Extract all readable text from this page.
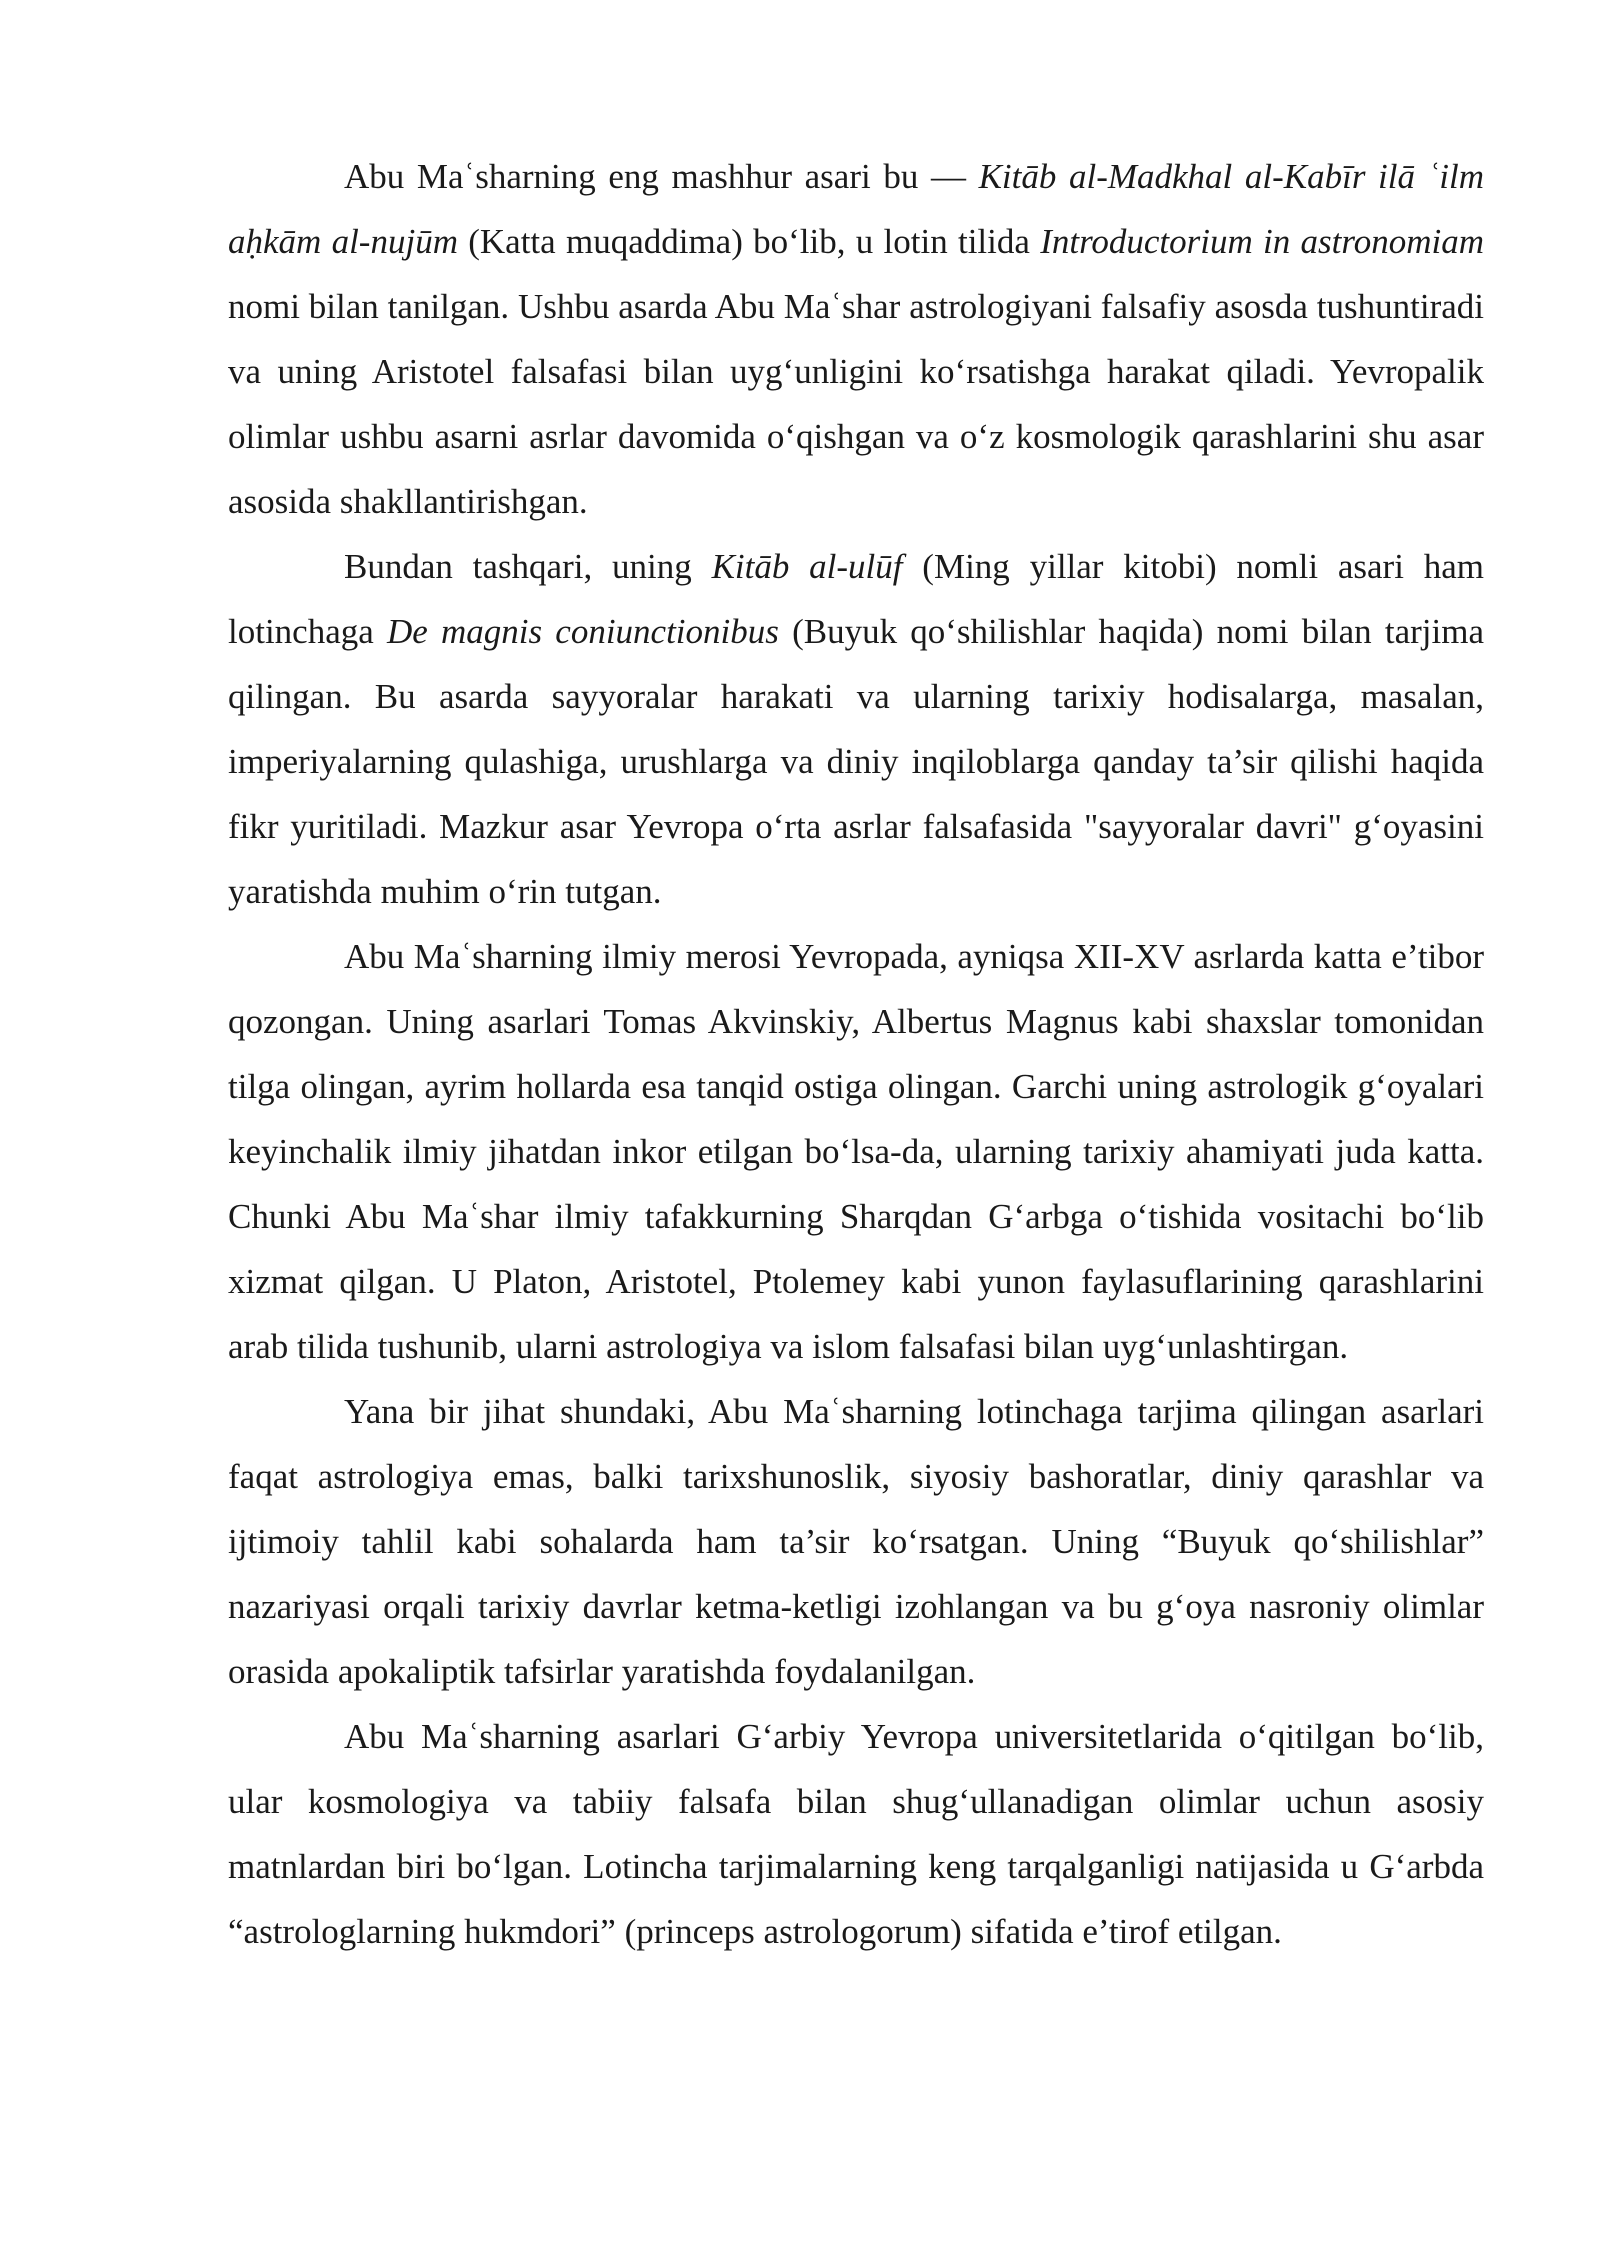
Abu Maʿsharning eng mashhur asari bu — Kitāb al-Madkhal al-Kabīr ilā ʿilm aḥkām al-nujūm (Katta muqaddima) bo‘lib, u lotin tilida Introductorium in astronomiam nomi bilan tanilgan. Ushbu asarda Abu Maʿshar astrologiyani falsafiy asosda tushuntiradi va uning Aristotel falsafasi bilan uyg‘unligini ko‘rsatishga harakat qiladi. Yevropalik olimlar ushbu asarni asrlar davomida o‘qishgan va o‘z kosmologik qarashlarini shu asar asosida shakllantirishgan.

Bundan tashqari, uning Kitāb al-ulūf (Ming yillar kitobi) nomli asari ham lotinchaga De magnis coniunctionibus (Buyuk qo‘shilishlar haqida) nomi bilan tarjima qilingan. Bu asarda sayyoralar harakati va ularning tarixiy hodisalarga, masalan, imperiyalarning qulashiga, urushlarga va diniy inqiloblarga qanday ta’sir qilishi haqida fikr yuritiladi. Mazkur asar Yevropa o‘rta asrlar falsafasida "sayyoralar davri" g‘oyasini yaratishda muhim o‘rin tutgan.

Abu Maʿsharning ilmiy merosi Yevropada, ayniqsa XII-XV asrlarda katta e’tibor qozongan. Uning asarlari Tomas Akvinskiy, Albertus Magnus kabi shaxslar tomonidan tilga olingan, ayrim hollarda esa tanqid ostiga olingan. Garchi uning astrologik g‘oyalari keyinchalik ilmiy jihatdan inkor etilgan bo‘lsa-da, ularning tarixiy ahamiyati juda katta. Chunki Abu Maʿshar ilmiy tafakkurning Sharqdan G‘arbga o‘tishida vositachi bo‘lib xizmat qilgan. U Platon, Aristotel, Ptolemey kabi yunon faylasuflarining qarashlarini arab tilida tushunib, ularni astrologiya va islom falsafasi bilan uyg‘unlashtirgan.

Yana bir jihat shundaki, Abu Maʿsharning lotinchaga tarjima qilingan asarlari faqat astrologiya emas, balki tarixshunoslik, siyosiy bashoratlar, diniy qarashlar va ijtimoiy tahlil kabi sohalarda ham ta’sir ko‘rsatgan. Uning “Buyuk qo‘shilishlar” nazariyasi orqali tarixiy davrlar ketma-ketligi izohlangan va bu g‘oya nasroniy olimlar orasida apokaliptik tafsirlar yaratishda foydalanilgan.

Abu Maʿsharning asarlari G‘arbiy Yevropa universitetlarida o‘qitilgan bo‘lib, ular kosmologiya va tabiiy falsafa bilan shug‘ullanadigan olimlar uchun asosiy matnlardan biri bo‘lgan. Lotincha tarjimalarning keng tarqalganligi natijasida u G‘arbda “astrologlarning hukmdori” (princeps astrologorum) sifatida e’tirof etilgan.
